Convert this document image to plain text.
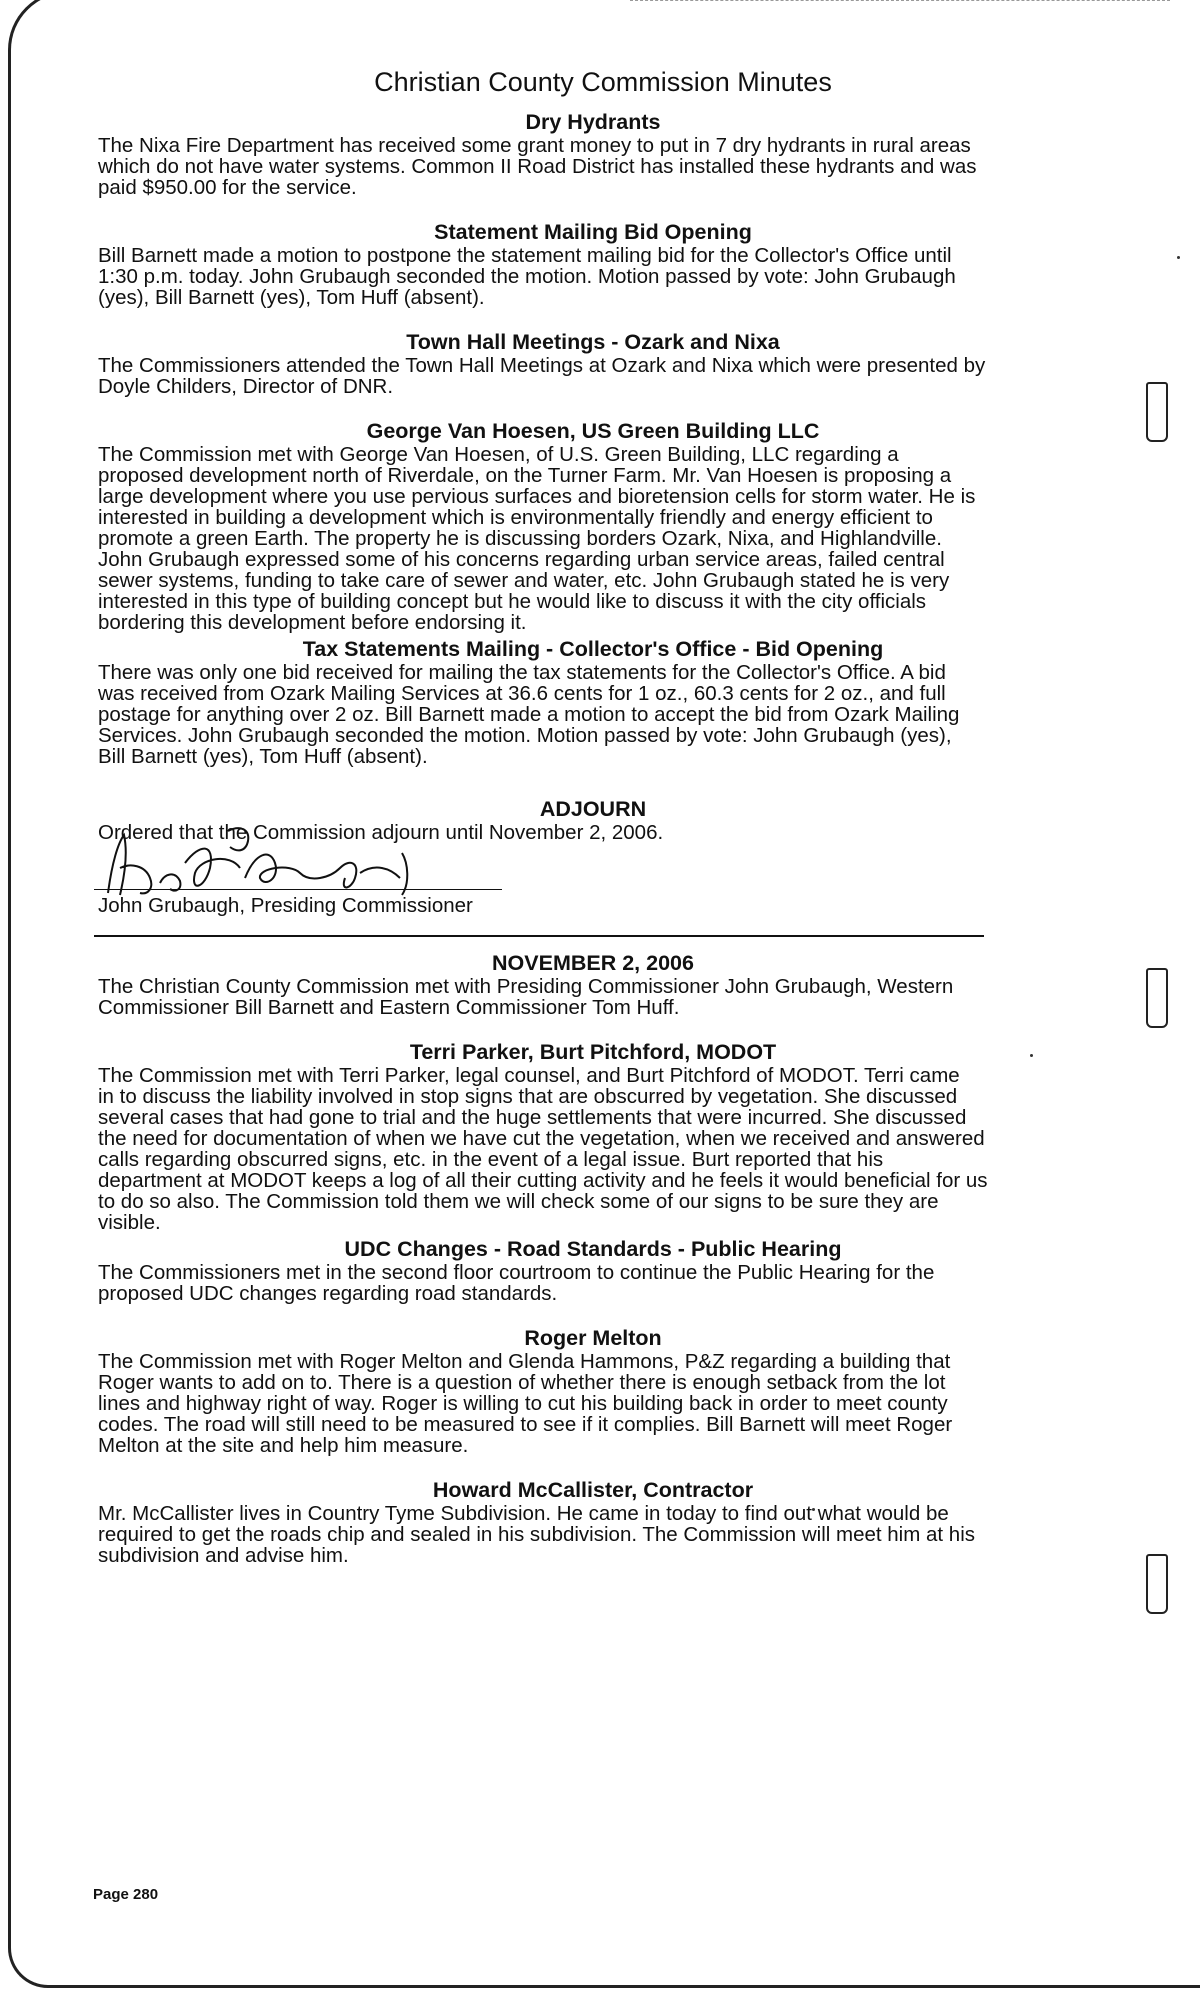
Christian County Commission Minutes
Dry Hydrants
The Nixa Fire Department has received some grant money to put in 7 dry hydrants in rural areas
which do not have water systems. Common II Road District has installed these hydrants and was
paid $950.00 for the service.
Statement Mailing Bid Opening
Bill Barnett made a motion to postpone the statement mailing bid for the Collector's Office until
1:30 p.m. today. John Grubaugh seconded the motion. Motion passed by vote: John Grubaugh
(yes), Bill Barnett (yes), Tom Huff (absent).
Town Hall Meetings - Ozark and Nixa
The Commissioners attended the Town Hall Meetings at Ozark and Nixa which were presented by
Doyle Childers, Director of DNR.
George Van Hoesen, US Green Building LLC
The Commission met with George Van Hoesen, of U.S. Green Building, LLC regarding a
proposed development north of Riverdale, on the Turner Farm. Mr. Van Hoesen is proposing a
large development where you use pervious surfaces and bioretension cells for storm water. He is
interested in building a development which is environmentally friendly and energy efficient to
promote a green Earth. The property he is discussing borders Ozark, Nixa, and Highlandville.
John Grubaugh expressed some of his concerns regarding urban service areas, failed central
sewer systems, funding to take care of sewer and water, etc. John Grubaugh stated he is very
interested in this type of building concept but he would like to discuss it with the city officials
bordering this development before endorsing it.
Tax Statements Mailing - Collector's Office - Bid Opening
There was only one bid received for mailing the tax statements for the Collector's Office. A bid
was received from Ozark Mailing Services at 36.6 cents for 1 oz., 60.3 cents for 2 oz., and full
postage for anything over 2 oz. Bill Barnett made a motion to accept the bid from Ozark Mailing
Services. John Grubaugh seconded the motion. Motion passed by vote: John Grubaugh (yes),
Bill Barnett (yes), Tom Huff (absent).
ADJOURN
Ordered that the Commission adjourn until November 2, 2006.
John Grubaugh, Presiding Commissioner
NOVEMBER 2, 2006
The Christian County Commission met with Presiding Commissioner John Grubaugh, Western
Commissioner Bill Barnett and Eastern Commissioner Tom Huff.
Terri Parker, Burt Pitchford, MODOT
The Commission met with Terri Parker, legal counsel, and Burt Pitchford of MODOT. Terri came
in to discuss the liability involved in stop signs that are obscurred by vegetation. She discussed
several cases that had gone to trial and the huge settlements that were incurred. She discussed
the need for documentation of when we have cut the vegetation, when we received and answered
calls regarding obscurred signs, etc. in the event of a legal issue. Burt reported that his
department at MODOT keeps a log of all their cutting activity and he feels it would beneficial for us
to do so also. The Commission told them we will check some of our signs to be sure they are
visible.
UDC Changes - Road Standards - Public Hearing
The Commissioners met in the second floor courtroom to continue the Public Hearing for the
proposed UDC changes regarding road standards.
Roger Melton
The Commission met with Roger Melton and Glenda Hammons, P&Z regarding a building that
Roger wants to add on to. There is a question of whether there is enough setback from the lot
lines and highway right of way. Roger is willing to cut his building back in order to meet county
codes. The road will still need to be measured to see if it complies. Bill Barnett will meet Roger
Melton at the site and help him measure.
Howard McCallister, Contractor
Mr. McCallister lives in Country Tyme Subdivision. He came in today to find out what would be
required to get the roads chip and sealed in his subdivision. The Commission will meet him at his
subdivision and advise him.
Page 280
